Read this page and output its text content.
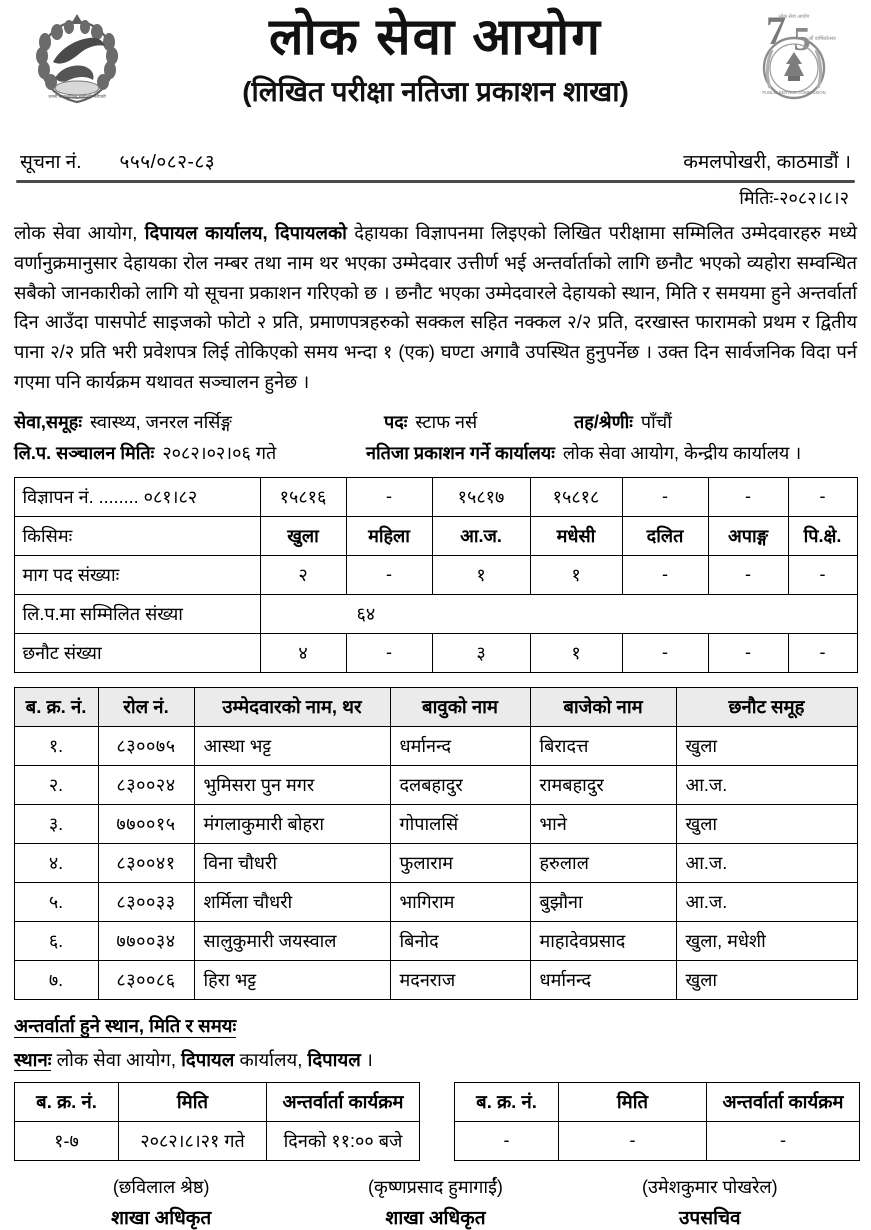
जननी जन्मभूमिश्च स्वर्गादपि गरीयसी
लोक सेवा आयोग
(लिखित परीक्षा नतिजा प्रकाशन शाखा)
7 5
लोक सेवा आयोग
औं वार्षिकोत्सव
PUBLIC SERVICE COMMISSION
सूचना नं. ५५५/०८२-८३	कमलपोखरी, काठमाडौं ।
मितिः-२०८२।८।२
लोक सेवा आयोग, दिपायल कार्यालय, दिपायलको देहायका विज्ञापनमा लिइएको लिखित परीक्षामा सम्मिलित उम्मेदवारहरु मध्ये वर्णानुक्रमानुसार देहायका रोल नम्बर तथा नाम थर भएका उम्मेदवार उत्तीर्ण भई अन्तर्वार्ताको लागि छनौट भएको व्यहोरा सम्वन्धित सबैको जानकारीको लागि यो सूचना प्रकाशन गरिएको छ । छनौट भएका उम्मेदवारले देहायको स्थान, मिति र समयमा हुने अन्तर्वार्ता दिन आउँदा पासपोर्ट साइजको फोटो २ प्रति, प्रमाणपत्रहरुको सक्कल सहित नक्कल २/२ प्रति, दरखास्त फारामको प्रथम र द्वितीय पाना २/२ प्रति भरी प्रवेशपत्र लिई तोकिएको समय भन्दा १ (एक) घण्टा अगावै उपस्थित हुनुपर्नेछ । उक्त दिन सार्वजनिक विदा पर्न गएमा पनि कार्यक्रम यथावत सञ्चालन हुनेछ ।
सेवा,समूहः स्वास्थ्य, जनरल नर्सिङ्ग	पदः स्टाफ नर्स	तह/श्रेणीः पाँचौं
लि.प. सञ्चालन मितिः २०८२।०२।०६ गते	नतिजा प्रकाशन गर्ने कार्यालयः लोक सेवा आयोग, केन्द्रीय कार्यालय ।
विज्ञापन नं. ........ ०८१।८२	१५८१६	-	१५८१७	१५८१८	-	-	-
किसिमः	खुला	महिला	आ.ज.	मधेसी	दलित	अपाङ्ग	पि.क्षे.
माग पद संख्याः	२	-	१	१	-	-	-
लि.प.मा सम्मिलित संख्या	६४						
छनौट संख्या	४	-	३	१	-	-	-
ब. क्र. नं.	रोल नं.	उम्मेदवारको नाम, थर	बावुको नाम	बाजेको नाम	छनौट समूह
१.	८३००७५	आस्था भट्ट	धर्मानन्द	बिरादत्त	खुला
२.	८३००२४	भुमिसरा पुन मगर	दलबहादुर	रामबहादुर	आ.ज.
३.	७७००१५	मंगलाकुमारी बोहरा	गोपालसिं	भाने	खुला
४.	८३००४१	विना चौधरी	फुलाराम	हरुलाल	आ.ज.
५.	८३००३३	शर्मिला चौधरी	भागिराम	बुझौना	आ.ज.
६.	७७००३४	सालुकुमारी जयस्वाल	बिनोद	माहादेवप्रसाद	खुला, मधेशी
७.	८३००८६	हिरा भट्ट	मदनराज	धर्मानन्द	खुला
अन्तर्वार्ता हुने स्थान, मिति र समयः
स्थानः लोक सेवा आयोग, दिपायल कार्यालय, दिपायल ।
ब. क्र. नं.	मिति	अन्तर्वार्ता कार्यक्रम
१-७	२०८२।८।२१ गते	दिनको ११:०० बजे
ब. क्र. नं.	मिति	अन्तर्वार्ता कार्यक्रम
-	-	-
(छविलाल श्रेष्ठ)
शाखा अधिकृत
(कृष्णप्रसाद हुमागाईं)
शाखा अधिकृत
(उमेशकुमार पोखरेल)
उपसचिव
